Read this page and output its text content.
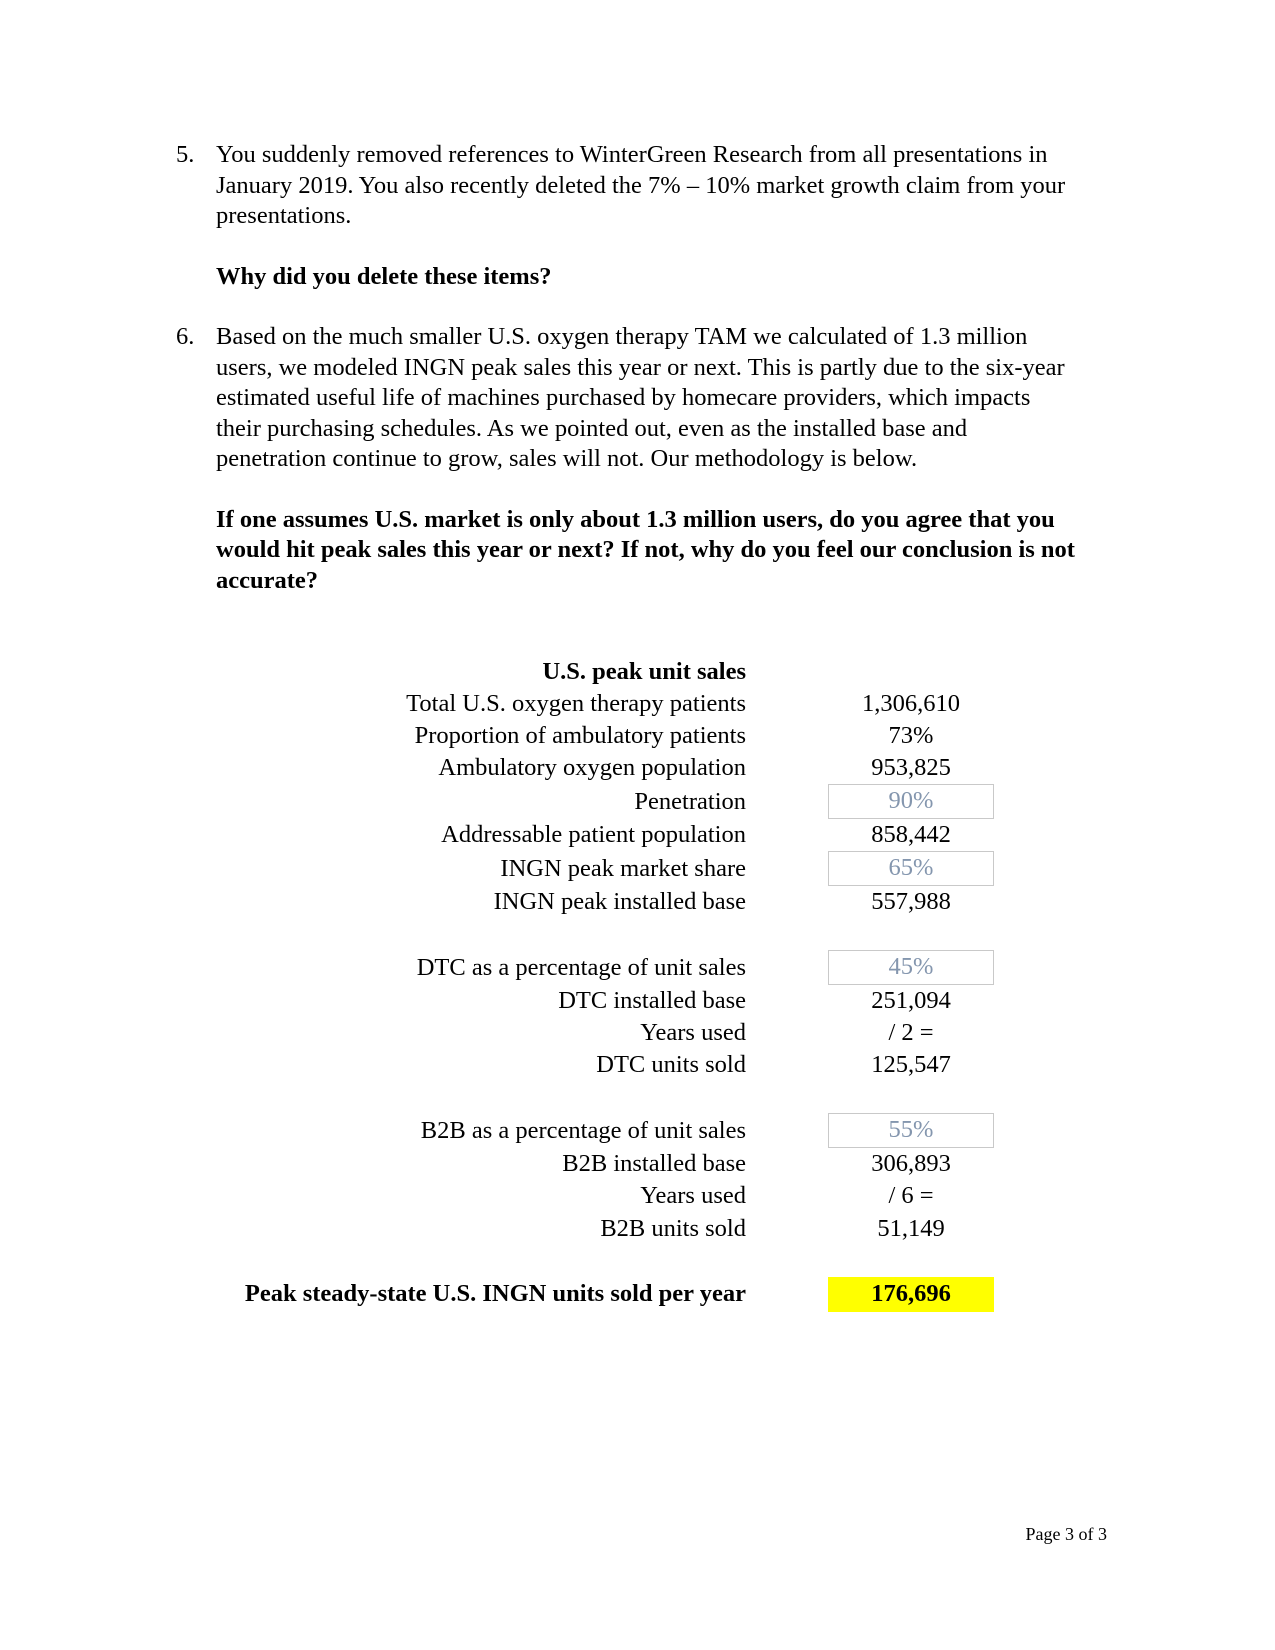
5. You suddenly removed references to WinterGreen Research from all presentations in January 2019. You also recently deleted the 7% – 10% market growth claim from your presentations.

Why did you delete these items?
6. Based on the much smaller U.S. oxygen therapy TAM we calculated of 1.3 million users, we modeled INGN peak sales this year or next. This is partly due to the six-year estimated useful life of machines purchased by homecare providers, which impacts their purchasing schedules. As we pointed out, even as the installed base and penetration continue to grow, sales will not. Our methodology is below.

If one assumes U.S. market is only about 1.3 million users, do you agree that you would hit peak sales this year or next? If not, why do you feel our conclusion is not accurate?
U.S. peak unit sales	
Total U.S. oxygen therapy patients	1,306,610
Proportion of ambulatory patients	73%
Ambulatory oxygen population	953,825
Penetration	90%
Addressable patient population	858,442
INGN peak market share	65%
INGN peak installed base	557,988

DTC as a percentage of unit sales	45%
DTC installed base	251,094
Years used	/ 2 =
DTC units sold	125,547

B2B as a percentage of unit sales	55%
B2B installed base	306,893
Years used	/ 6 =
B2B units sold	51,149

Peak steady-state U.S. INGN units sold per year	176,696
Page 3 of 3
